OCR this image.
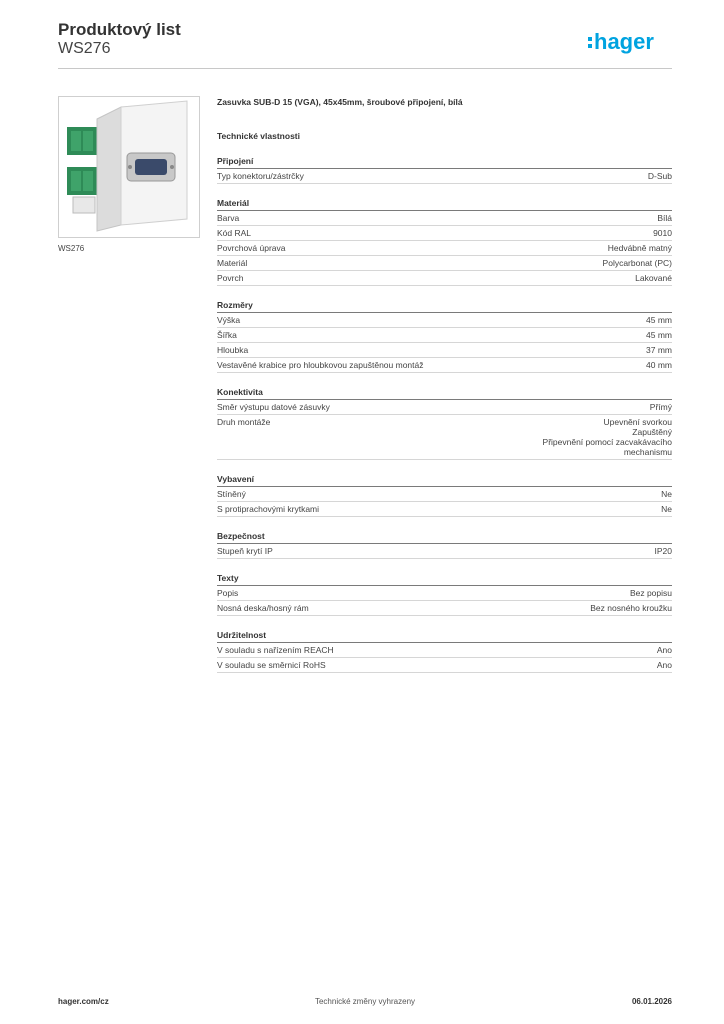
Produktový list

WS276	hager
WS276
Zasuvka SUB-D 15 (VGA), 45x45mm, šroubové připojení, bílá
Technické vlastnosti
Připojení
Typ konektoru/zástrčky	D-Sub
Materiál
Barva	Bílá
Kód RAL	9010
Povrchová úprava	Hedvábně matný
Materiál	Polycarbonat (PC)
Povrch	Lakované
Rozměry
Výška	45 mm
Šířka	45 mm
Hloubka	37 mm
Vestavěné krabice pro hloubkovou zapuštěnou montáž	40 mm
Konektivita
Směr výstupu datové zásuvky	Přímý
Druh montáže	Upevnění svorkou
Zapuštěný
Připevnění pomocí zacvakávacího
mechanismu
Vybavení
Stíněný	Ne
S protiprachovými krytkami	Ne
Bezpečnost
Stupeň krytí IP	IP20
Texty
Popis	Bez popisu
Nosná deska/hosný rám	Bez nosného kroužku
Udržitelnost
V souladu s nařízením REACH	Ano
V souladu se směrnicí RoHS	Ano
hager.com/cz	Technické změny vyhrazeny	06.01.2026
